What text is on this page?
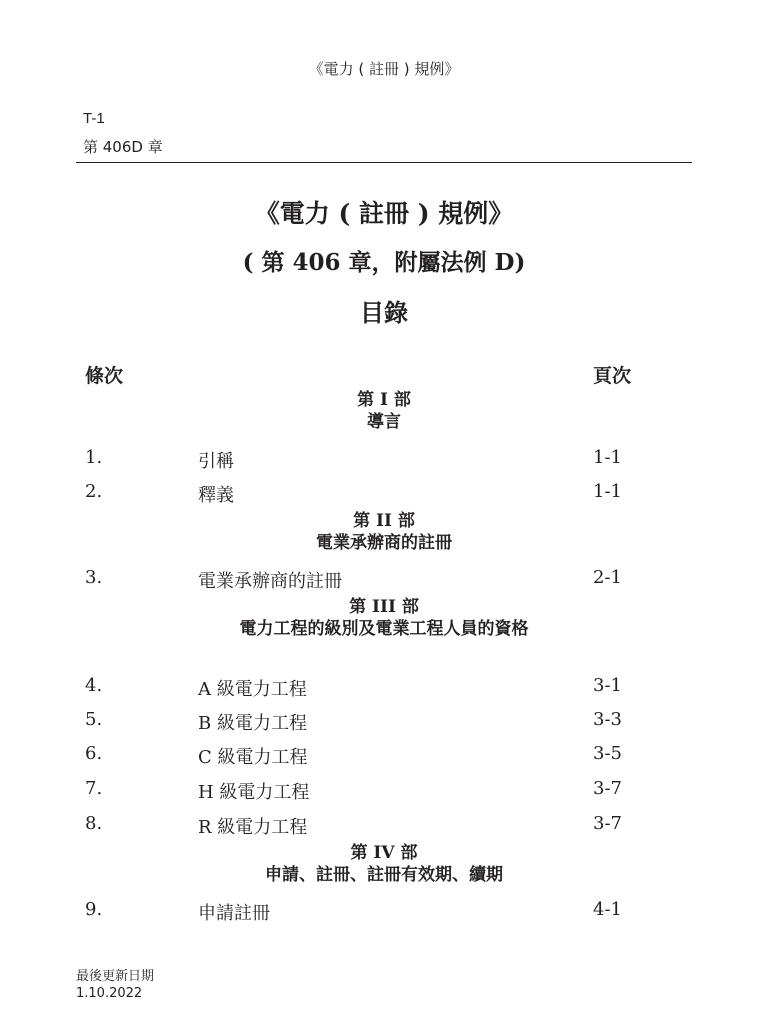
《電力 ( 註冊 ) 規例》
T-1
第 406D 章
《電力 ( 註冊 ) 規例》
( 第 406 章，附屬法例 D)
目錄
條次	頁次
第 I 部
導言
1.	引稱	1-1
2.	釋義	1-1
第 II 部
電業承辦商的註冊
3.	電業承辦商的註冊	2-1
第 III 部
電力工程的級別及電業工程人員的資格
4.	A 級電力工程	3-1
5.	B 級電力工程	3-3
6.	C 級電力工程	3-5
7.	H 級電力工程	3-7
8.	R 級電力工程	3-7
第 IV 部
申請、註冊、註冊有效期、續期
9.	申請註冊	4-1
最後更新日期
1.10.2022
